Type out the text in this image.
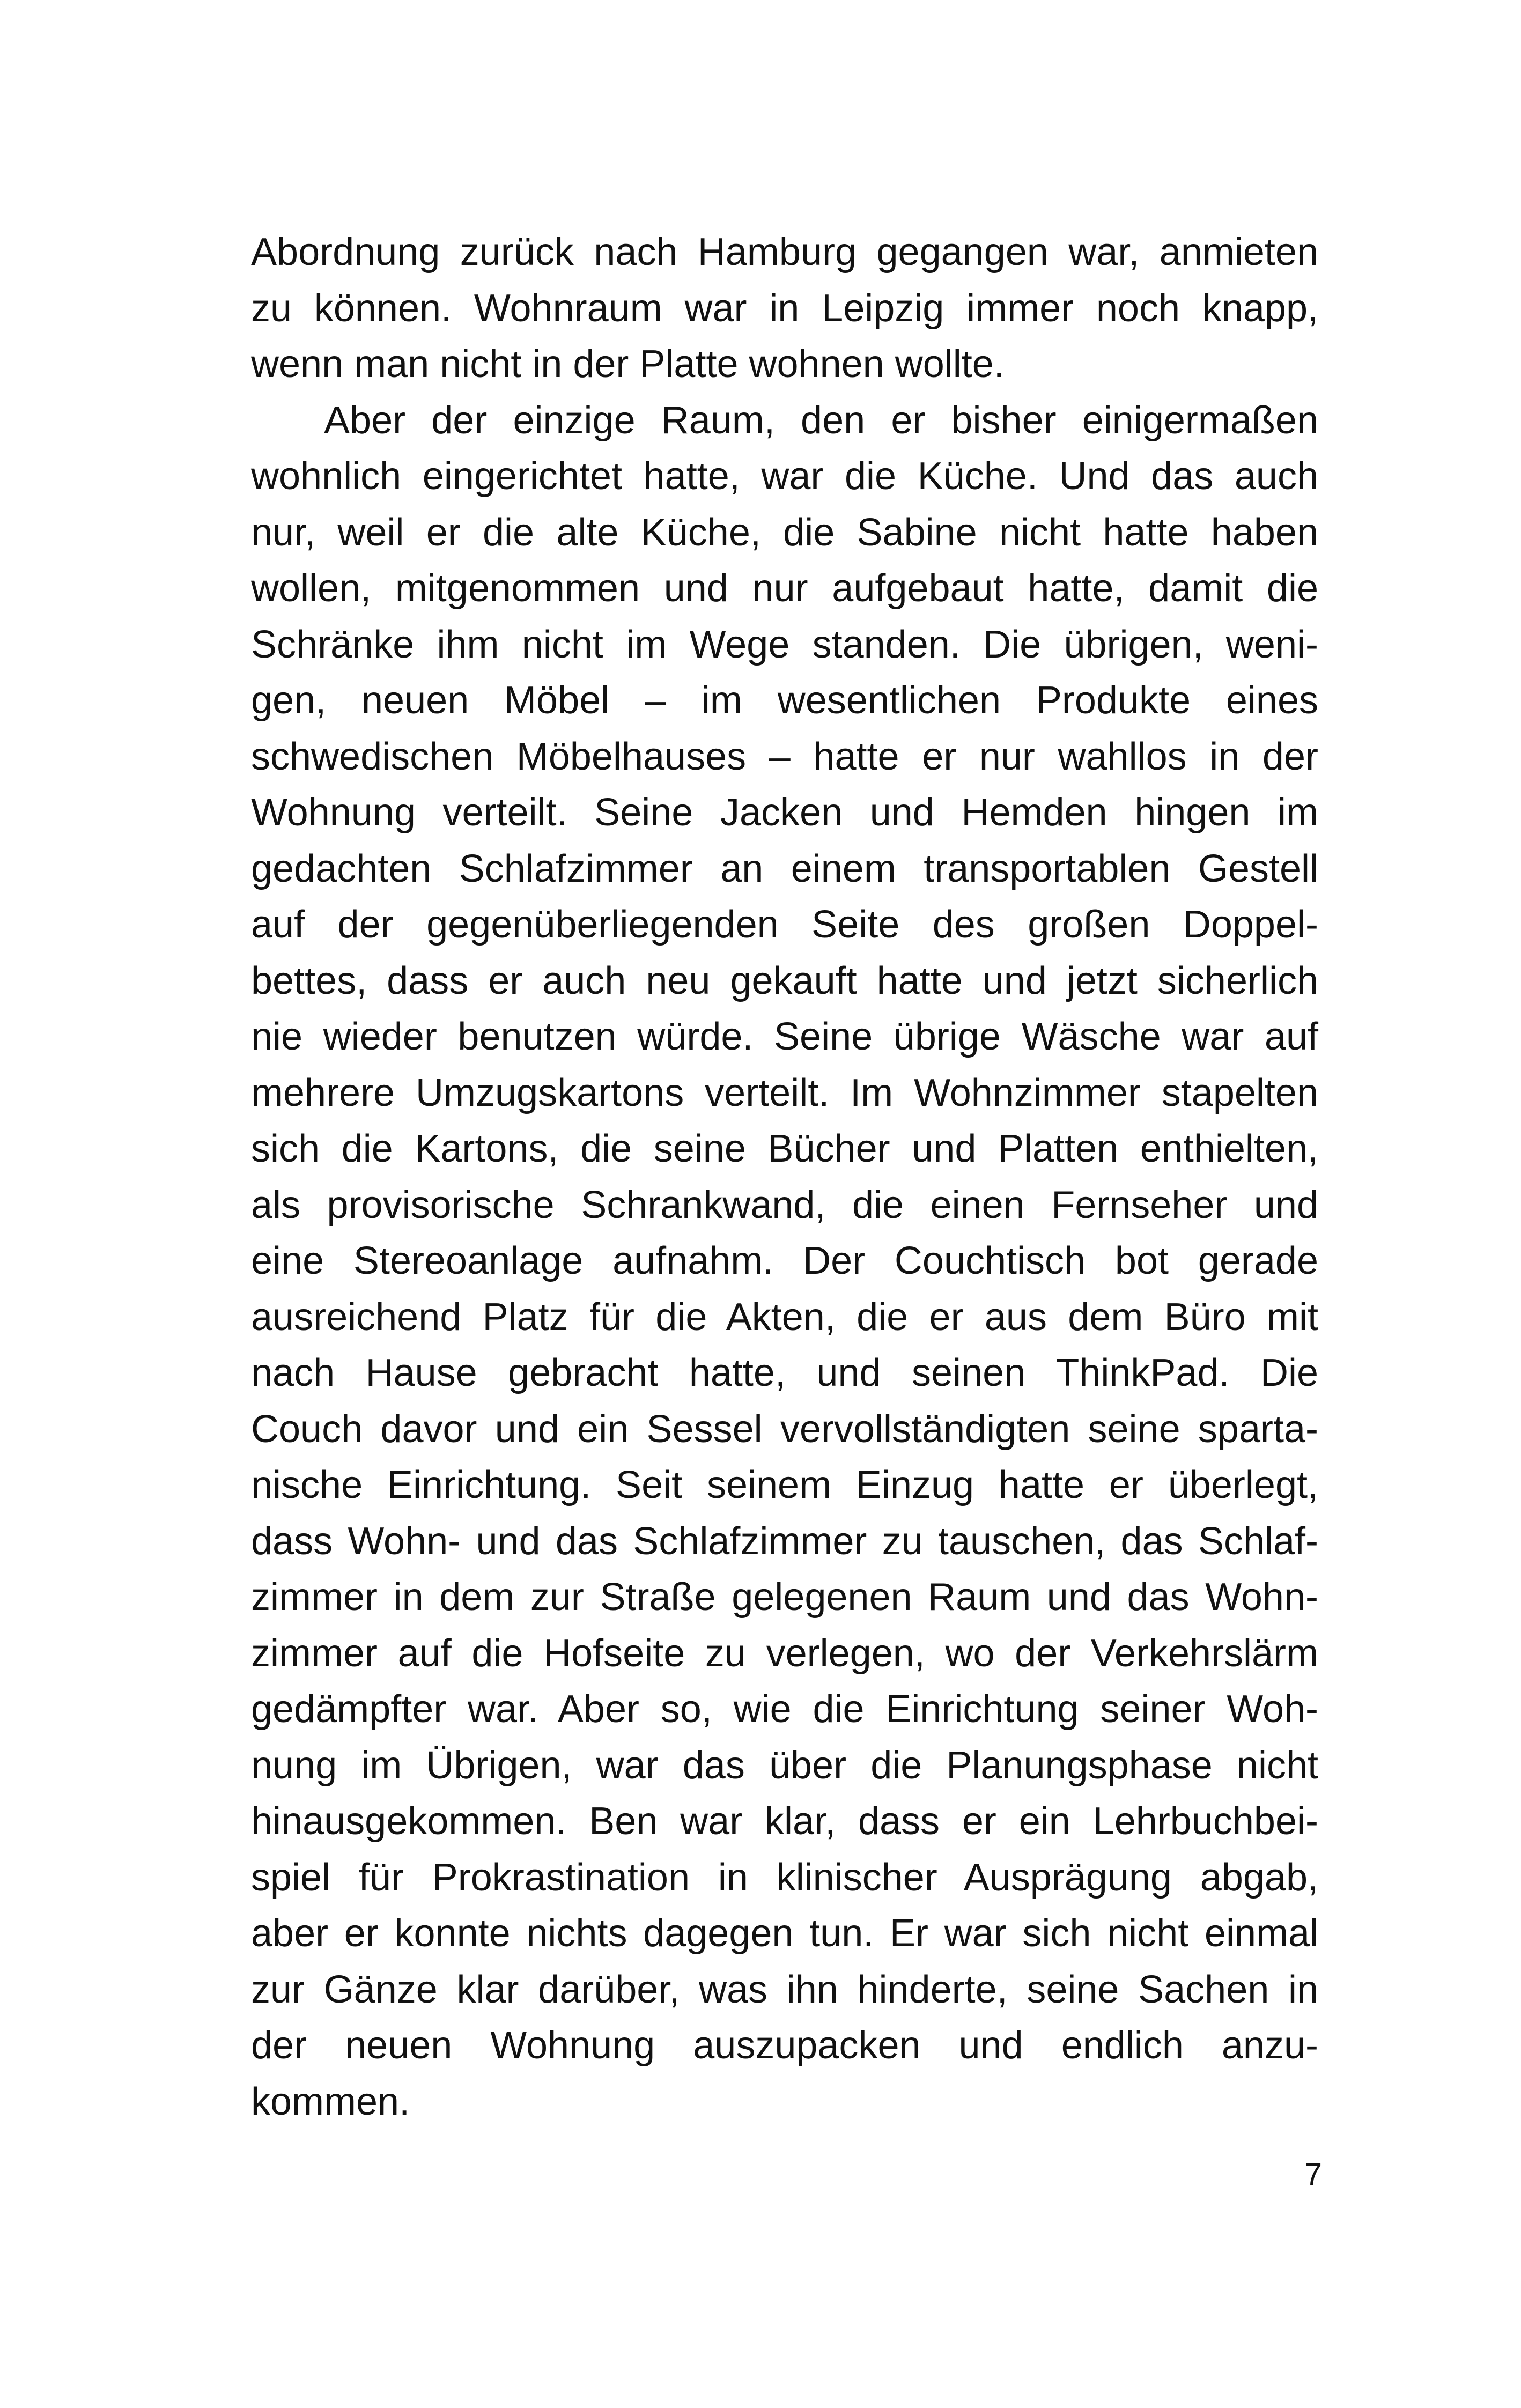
Abordnung zurück nach Hamburg gegangen war, anmieten
zu können. Wohnraum war in Leipzig immer noch knapp,
wenn man nicht in der Platte wohnen wollte.
Aber der einzige Raum, den er bisher einigermaßen
wohnlich eingerichtet hatte, war die Küche. Und das auch
nur, weil er die alte Küche, die Sabine nicht hatte haben
wollen, mitgenommen und nur aufgebaut hatte, damit die
Schränke ihm nicht im Wege standen. Die übrigen, weni-
gen, neuen Möbel – im wesentlichen Produkte eines
schwedischen Möbelhauses – hatte er nur wahllos in der
Wohnung verteilt. Seine Jacken und Hemden hingen im
gedachten Schlafzimmer an einem transportablen Gestell
auf der gegenüberliegenden Seite des großen Doppel-
bettes, dass er auch neu gekauft hatte und jetzt sicherlich
nie wieder benutzen würde. Seine übrige Wäsche war auf
mehrere Umzugskartons verteilt. Im Wohnzimmer stapelten
sich die Kartons, die seine Bücher und Platten enthielten,
als provisorische Schrankwand, die einen Fernseher und
eine Stereoanlage aufnahm. Der Couchtisch bot gerade
ausreichend Platz für die Akten, die er aus dem Büro mit
nach Hause gebracht hatte, und seinen ThinkPad. Die
Couch davor und ein Sessel vervollständigten seine sparta-
nische Einrichtung. Seit seinem Einzug hatte er überlegt,
dass Wohn- und das Schlafzimmer zu tauschen, das Schlaf-
zimmer in dem zur Straße gelegenen Raum und das Wohn-
zimmer auf die Hofseite zu verlegen, wo der Verkehrslärm
gedämpfter war. Aber so, wie die Einrichtung seiner Woh-
nung im Übrigen, war das über die Planungsphase nicht
hinausgekommen. Ben war klar, dass er ein Lehrbuchbei-
spiel für Prokrastination in klinischer Ausprägung abgab,
aber er konnte nichts dagegen tun. Er war sich nicht einmal
zur Gänze klar darüber, was ihn hinderte, seine Sachen in
der neuen Wohnung auszupacken und endlich anzu-
kommen.
7
